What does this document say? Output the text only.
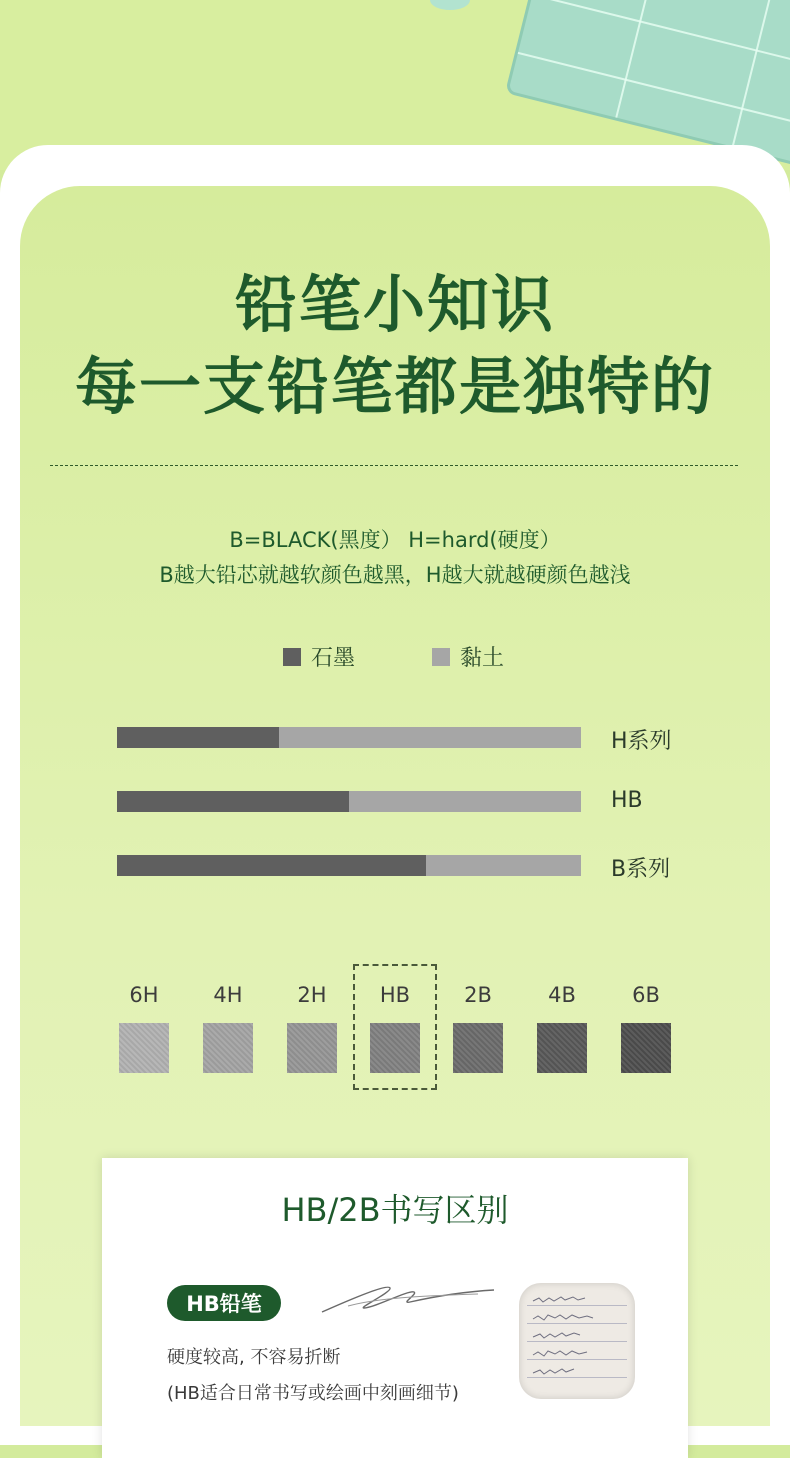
铅笔小知识
每一支铅笔都是独特的
B=BLACK(黑度） H=hard(硬度）
B越大铅芯就越软颜色越黑，H越大就越硬颜色越浅
石墨	黏土
H系列
HB
B系列
6H	4H	2H	HB	2B	4B	6B
HB/2B书写区别
HB铅笔
硬度较高, 不容易折断
(HB适合日常书写或绘画中刻画细节)
